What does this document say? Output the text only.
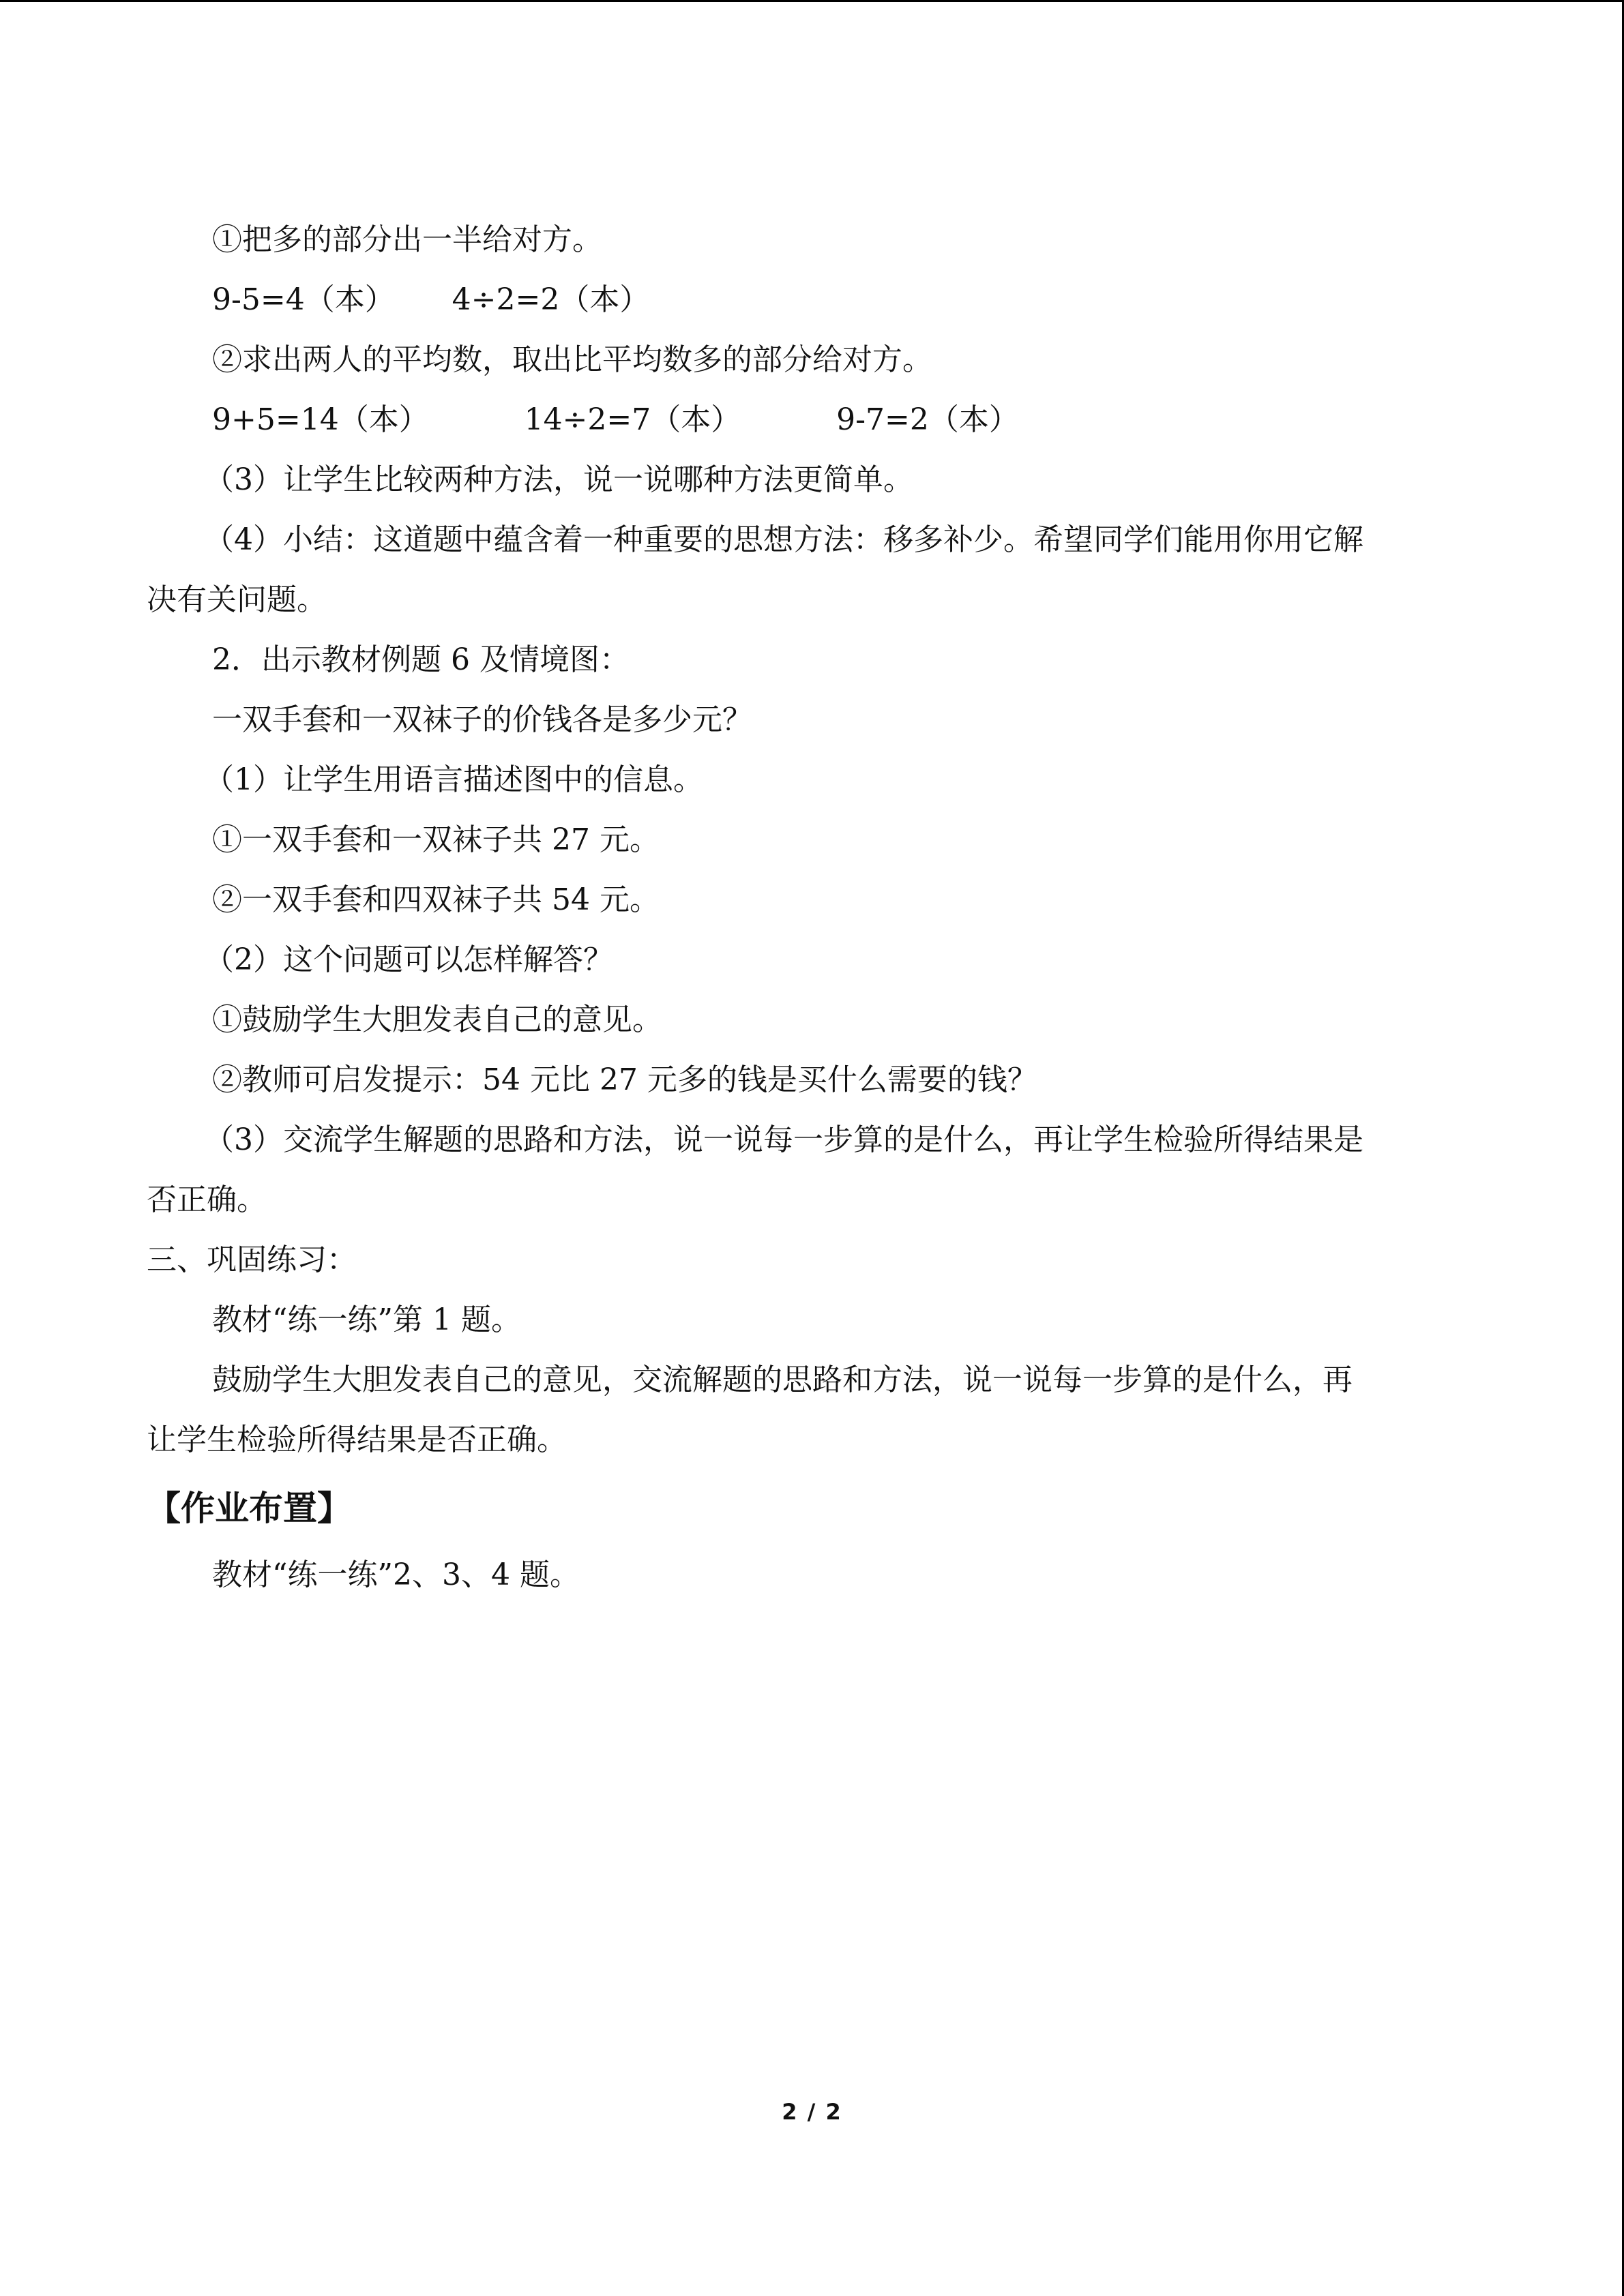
①把多的部分出一半给对方。
9-5=4（本）      4÷2=2（本）
②求出两人的平均数，取出比平均数多的部分给对方。
9+5=14（本）          14÷2=7（本）          9-7=2（本）
（3）让学生比较两种方法，说一说哪种方法更简单。
（4）小结：这道题中蕴含着一种重要的思想方法：移多补少。希望同学们能用你用它解
决有关问题。
2．出示教材例题 6 及情境图：
一双手套和一双袜子的价钱各是多少元？
（1）让学生用语言描述图中的信息。
①一双手套和一双袜子共 27 元。
②一双手套和四双袜子共 54 元。
（2）这个问题可以怎样解答？
①鼓励学生大胆发表自己的意见。
②教师可启发提示：54 元比 27 元多的钱是买什么需要的钱？
（3）交流学生解题的思路和方法，说一说每一步算的是什么，再让学生检验所得结果是
否正确。
三、巩固练习：
教材“练一练”第 1 题。
鼓励学生大胆发表自己的意见，交流解题的思路和方法，说一说每一步算的是什么，再
让学生检验所得结果是否正确。
【作业布置】
教材“练一练”2、3、4 题。
2 / 2
